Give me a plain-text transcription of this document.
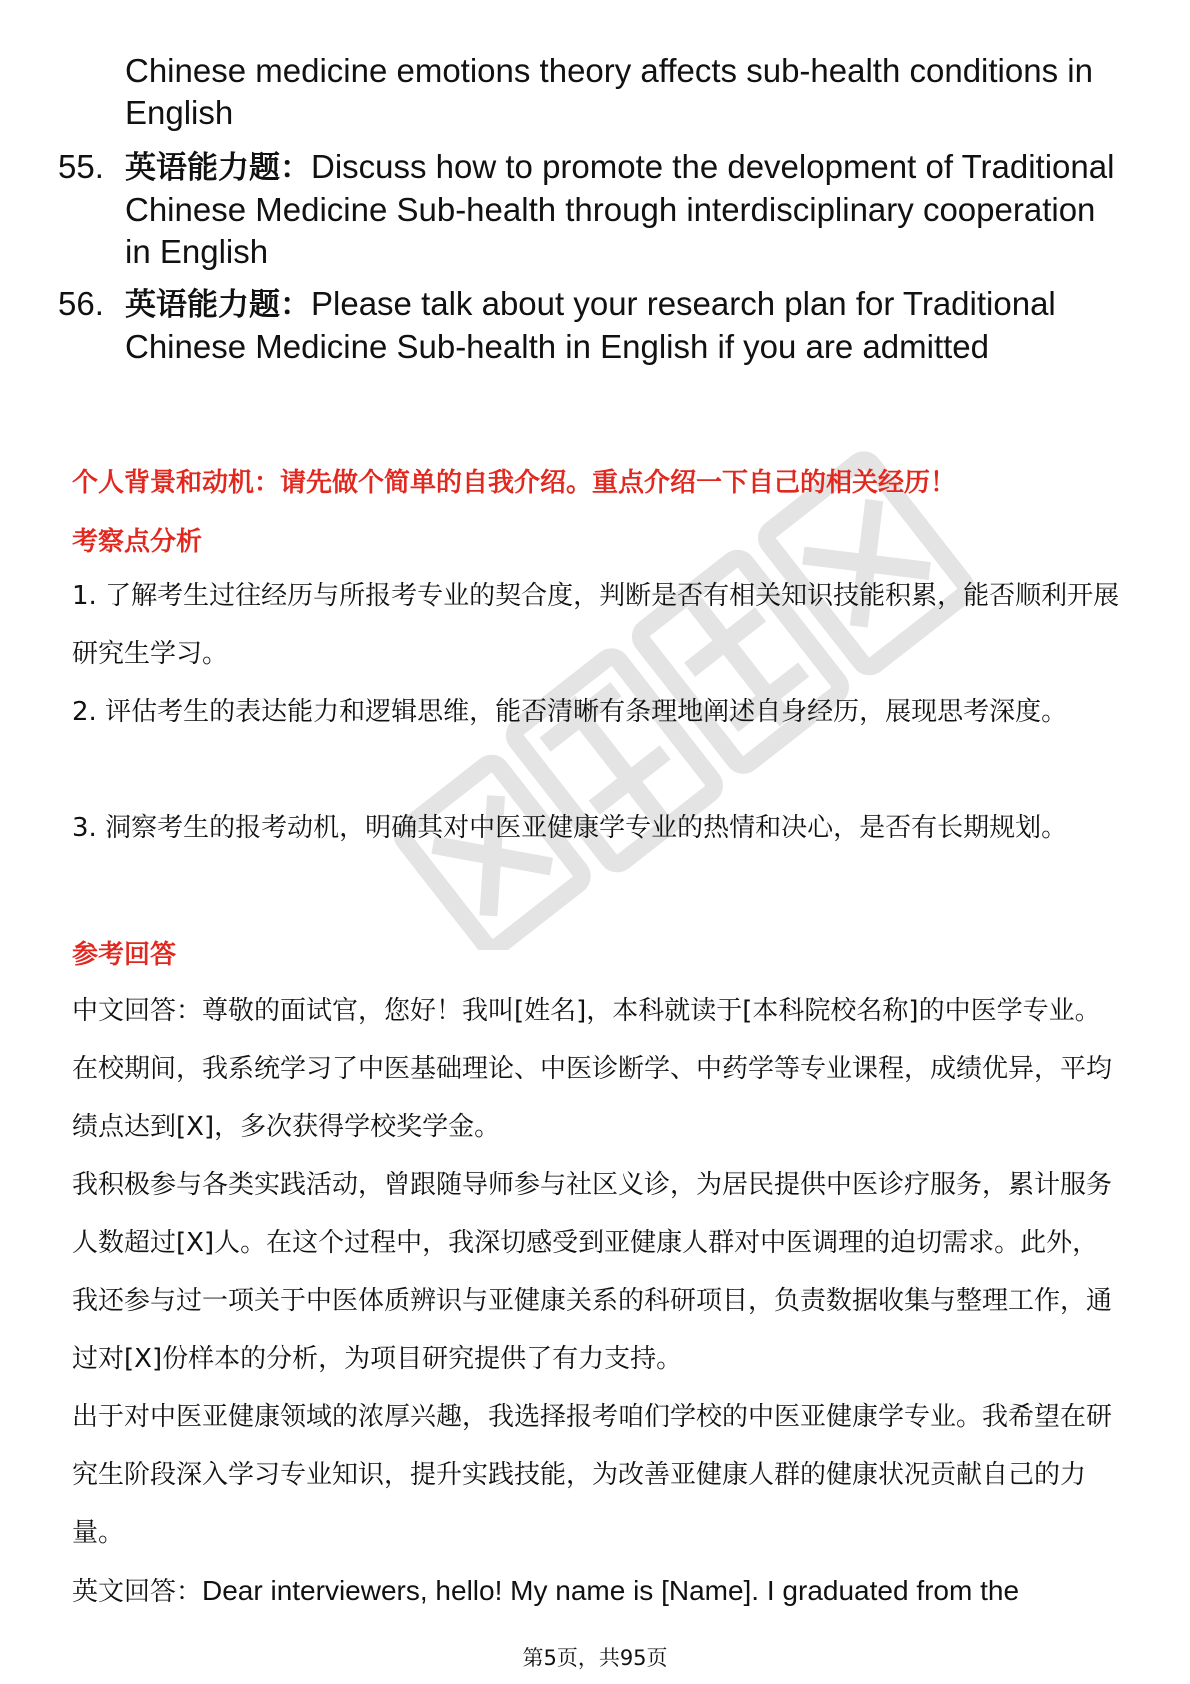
Chinese medicine emotions theory affects sub-health conditions in English
55. 英语能力题：Discuss how to promote the development of Traditional Chinese Medicine Sub-health through interdisciplinary cooperation in English
56. 英语能力题：Please talk about your research plan for Traditional Chinese Medicine Sub-health in English if you are admitted
个人背景和动机：请先做个简单的自我介绍。重点介绍一下自己的相关经历！
考察点分析
1. 了解考生过往经历与所报考专业的契合度，判断是否有相关知识技能积累，能否顺利开展研究生学习。
2. 评估考生的表达能力和逻辑思维，能否清晰有条理地阐述自身经历，展现思考深度。
3. 洞察考生的报考动机，明确其对中医亚健康学专业的热情和决心，是否有长期规划。
参考回答
中文回答：尊敬的面试官，您好！我叫[姓名]，本科就读于[本科院校名称]的中医学专业。在校期间，我系统学习了中医基础理论、中医诊断学、中药学等专业课程，成绩优异，平均绩点达到[X]，多次获得学校奖学金。
我积极参与各类实践活动，曾跟随导师参与社区义诊，为居民提供中医诊疗服务，累计服务人数超过[X]人。在这个过程中，我深切感受到亚健康人群对中医调理的迫切需求。此外，我还参与过一项关于中医体质辨识与亚健康关系的科研项目，负责数据收集与整理工作，通过对[X]份样本的分析，为项目研究提供了有力支持。
出于对中医亚健康领域的浓厚兴趣，我选择报考咱们学校的中医亚健康学专业。我希望在研究生阶段深入学习专业知识，提升实践技能，为改善亚健康人群的健康状况贡献自己的力量。
英文回答：Dear interviewers, hello! My name is [Name]. I graduated from the
第5页，共95页
